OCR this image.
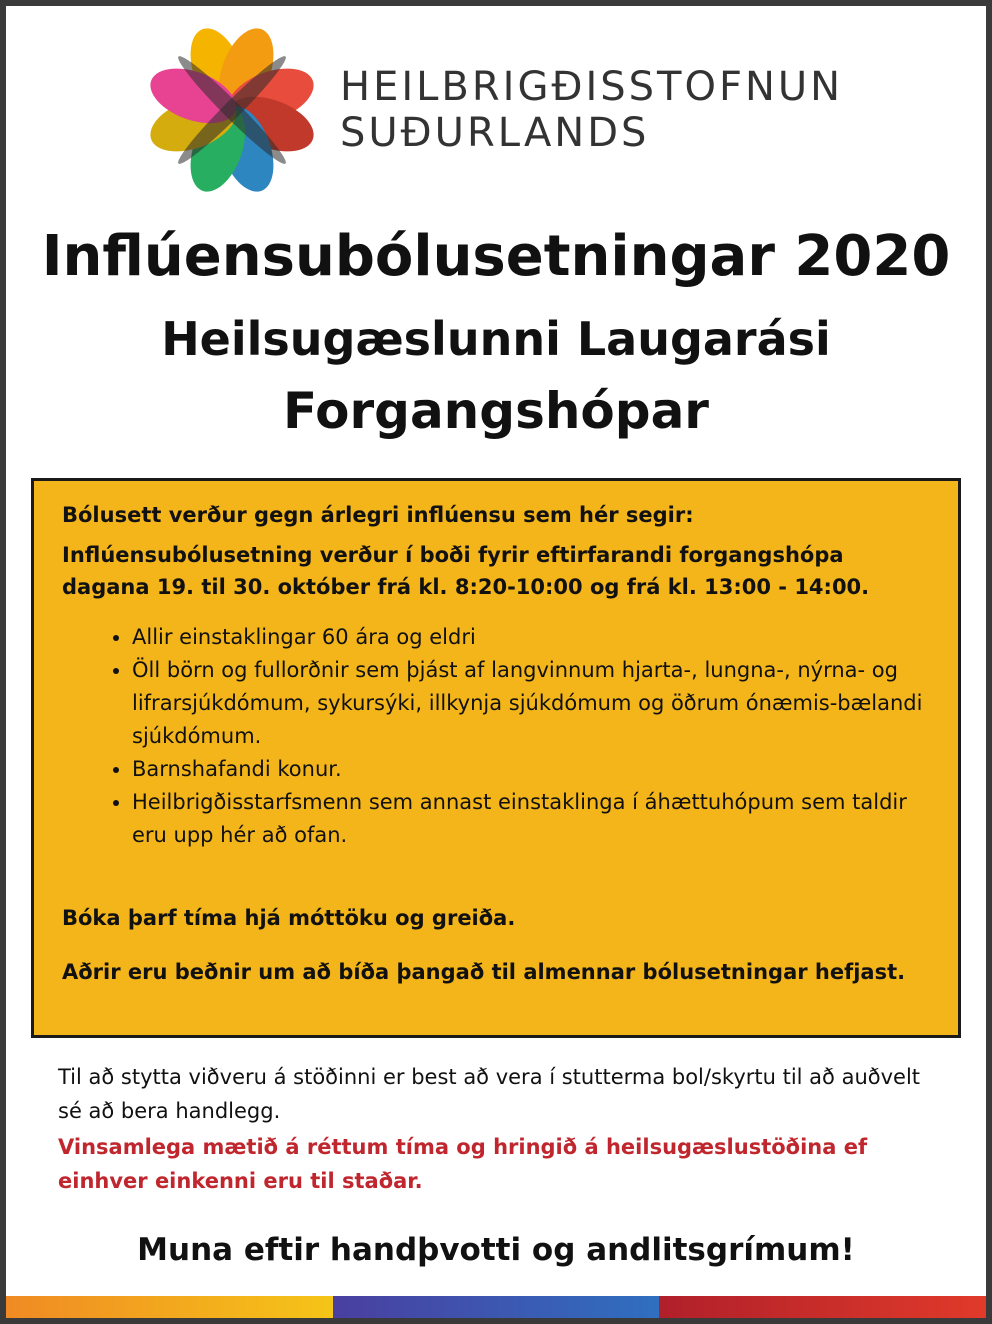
HEILBRIGÐISSTOFNUN
SUÐURLANDS
Inflúensubólusetningar 2020
Heilsugæslunni Laugarási
Forgangshópar

Bólusett verður gegn árlegri inflúensu sem hér segir:

Inflúensubólusetning verður í boði fyrir eftirfarandi forgangshópa dagana 19. til 30. október frá kl. 8:20-10:00 og frá kl. 13:00 - 14:00.

• Allir einstaklingar 60 ára og eldri
• Öll börn og fullorðnir sem þjást af langvinnum hjarta-, lungna-, nýrna- og lifrarsjúkdómum, sykursýki, illkynja sjúkdómum og öðrum ónæmis-bælandi sjúkdómum.
• Barnshafandi konur.
• Heilbrigðisstarfsmenn sem annast einstaklinga í áhættuhópum sem taldir eru upp hér að ofan.

Bóka þarf tíma hjá móttöku og greiða.

Aðrir eru beðnir um að bíða þangað til almennar bólusetningar hefjast.

Til að stytta viðveru á stöðinni er best að vera í stutterma bol/skyrtu til að auðvelt sé að bera handlegg.

Vinsamlega mætið á réttum tíma og hringið á heilsugæslustöðina ef einhver einkenni eru til staðar.

Muna eftir handþvotti og andlitsgrímum!
